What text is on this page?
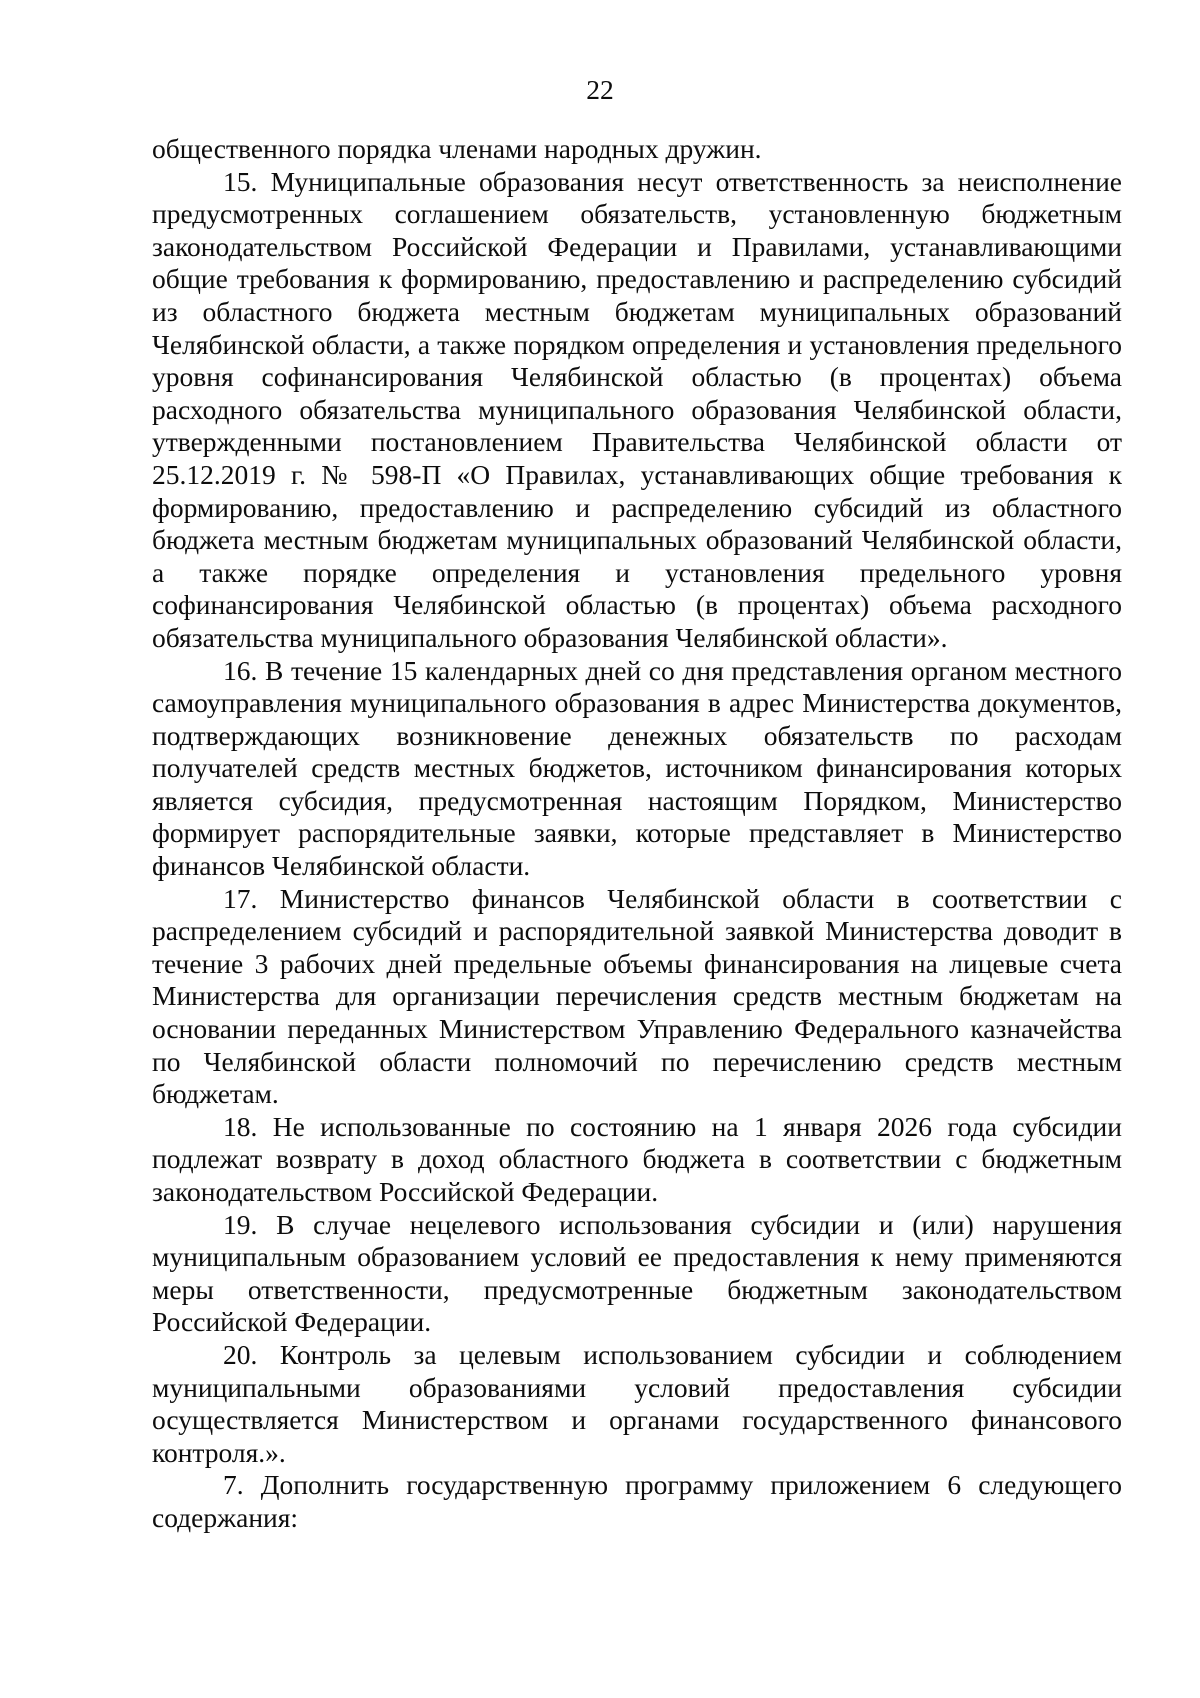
22

общественного порядка членами народных дружин.

15. Муниципальные образования несут ответственность за неисполнение предусмотренных соглашением обязательств, установленную бюджетным законодательством Российской Федерации и Правилами, устанавливающими общие требования к формированию, предоставлению и распределению субсидий из областного бюджета местным бюджетам муниципальных образований Челябинской области, а также порядком определения и установления предельного уровня софинансирования Челябинской областью (в процентах) объема расходного обязательства муниципального образования Челябинской области, утвержденными постановлением Правительства Челябинской области от 25.12.2019 г. № 598-П «О Правилах, устанавливающих общие требования к формированию, предоставлению и распределению субсидий из областного бюджета местным бюджетам муниципальных образований Челябинской области, а также порядке определения и установления предельного уровня софинансирования Челябинской областью (в процентах) объема расходного обязательства муниципального образования Челябинской области».

16. В течение 15 календарных дней со дня представления органом местного самоуправления муниципального образования в адрес Министерства документов, подтверждающих возникновение денежных обязательств по расходам получателей средств местных бюджетов, источником финансирования которых является субсидия, предусмотренная настоящим Порядком, Министерство формирует распорядительные заявки, которые представляет в Министерство финансов Челябинской области.

17. Министерство финансов Челябинской области в соответствии с распределением субсидий и распорядительной заявкой Министерства доводит в течение 3 рабочих дней предельные объемы финансирования на лицевые счета Министерства для организации перечисления средств местным бюджетам на основании переданных Министерством Управлению Федерального казначейства по Челябинской области полномочий по перечислению средств местным бюджетам.

18. Не использованные по состоянию на 1 января 2026 года субсидии подлежат возврату в доход областного бюджета в соответствии с бюджетным законодательством Российской Федерации.

19. В случае нецелевого использования субсидии и (или) нарушения муниципальным образованием условий ее предоставления к нему применяются меры ответственности, предусмотренные бюджетным законодательством Российской Федерации.

20. Контроль за целевым использованием субсидии и соблюдением муниципальными образованиями условий предоставления субсидии осуществляется Министерством и органами государственного финансового контроля.».

7. Дополнить государственную программу приложением 6 следующего содержания:
